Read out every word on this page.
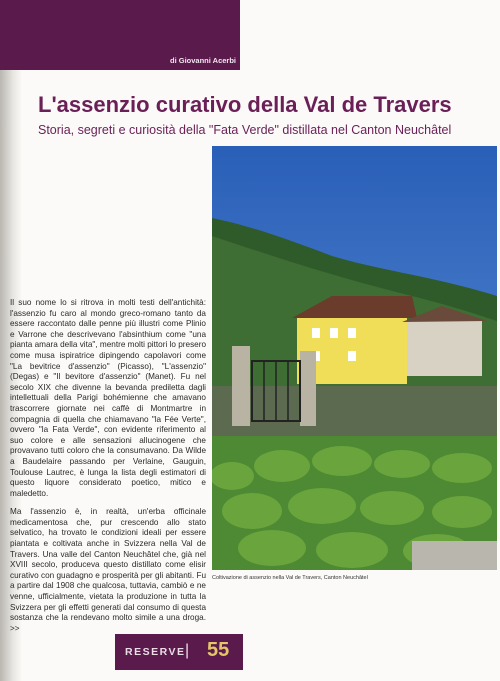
di Giovanni Acerbi
L'assenzio curativo della Val de Travers
Storia, segreti e curiosità della "Fata Verde" distillata nel Canton Neuchâtel
Coltivazione di assenzio nella Val de Travers, Canton Neuchâtel

Il suo nome lo si ritrova in molti testi dell'antichità: l'assenzio fu caro al mondo greco-romano tanto da essere raccontato dalle penne più illustri come Plinio e Varrone che descrivevano l'absinthium come "una pianta amara della vita", mentre molti pittori lo presero come musa ispiratrice dipingendo capolavori come "La bevitrice d'assenzio" (Picasso), "L'assenzio" (Degas) e "Il bevitore d'assenzio" (Manet). Fu nel secolo XIX che divenne la bevanda prediletta dagli intellettuali della Parigi bohémienne che amavano trascorrere giornate nei caffè di Montmartre in compagnia di quella che chiamavano "la Fée Verte", ovvero "la Fata Verde", con evidente riferimento al suo colore e alle sensazioni allucinogene che provavano tutti coloro che la consumavano. Da Wilde a Baudelaire passando per Verlaine, Gauguin, Toulouse Lautrec, è lunga la lista degli estimatori di questo liquore considerato poetico, mitico e maledetto.

Ma l'assenzio è, in realtà, un'erba officinale medicamentosa che, pur crescendo allo stato selvatico, ha trovato le condizioni ideali per essere piantata e coltivata anche in Svizzera nella Val de Travers. Una valle del Canton Neuchâtel che, già nel XVIII secolo, produceva questo distillato come elisir curativo con guadagno e prosperità per gli abitanti. Fu a partire dal 1908 che qualcosa, tuttavia, cambiò e ne venne, ufficialmente, vietata la produzione in tutta la Svizzera per gli effetti generati dal consumo di questa sostanza che la rendevano molto simile a una droga. >>

RESERVE | 55
